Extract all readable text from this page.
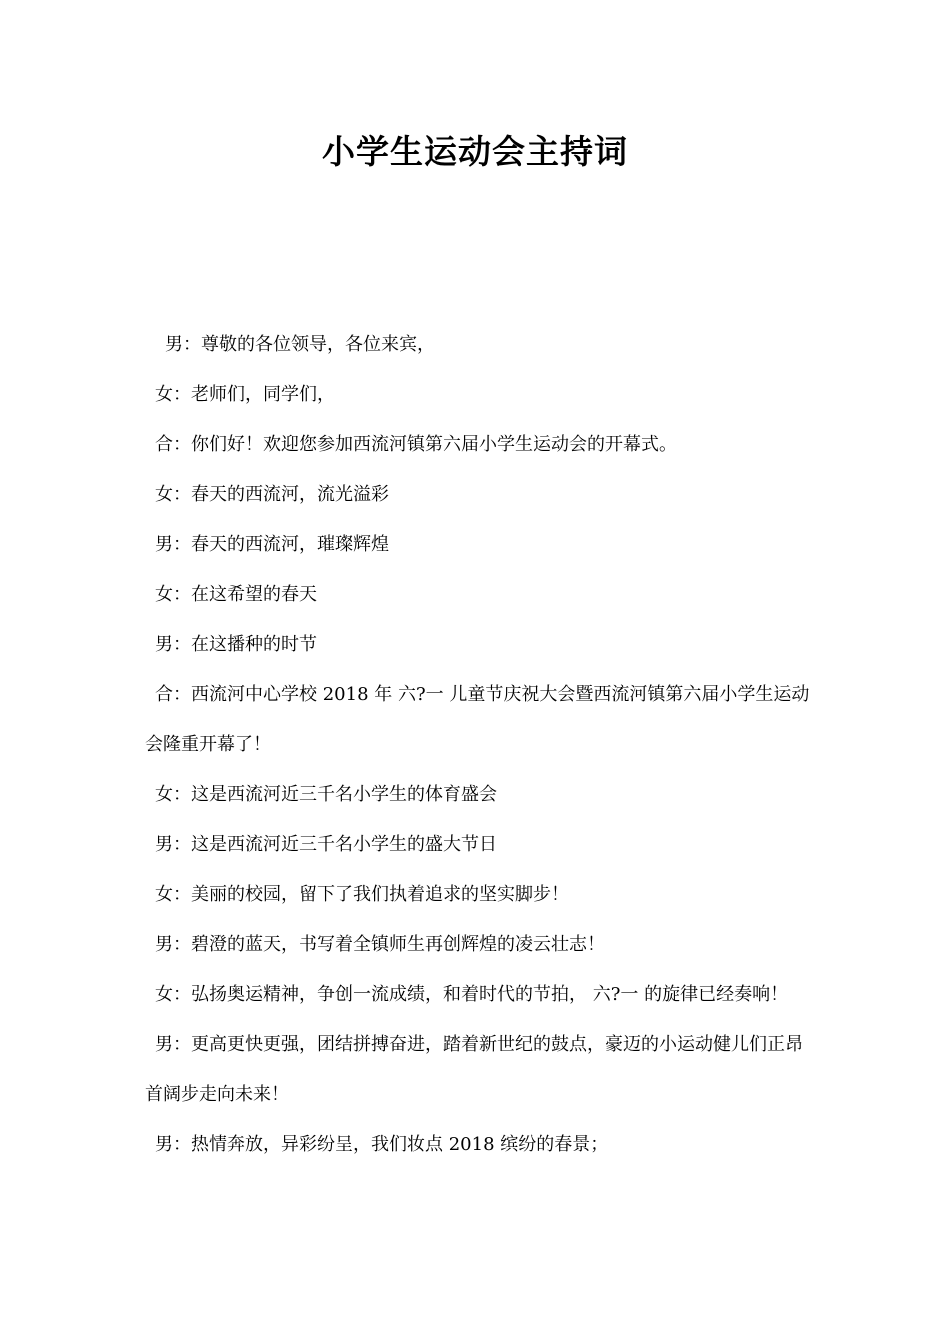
小学生运动会主持词

男：尊敬的各位领导，各位来宾，

女：老师们，同学们，

合：你们好！欢迎您参加西流河镇第六届小学生运动会的开幕式。

女：春天的西流河，流光溢彩

男：春天的西流河，璀璨辉煌

女：在这希望的春天

男：在这播种的时节

合：西流河中心学校 2018 年 六?一 儿童节庆祝大会暨西流河镇第六届小学生运动会隆重开幕了！

女：这是西流河近三千名小学生的体育盛会

男：这是西流河近三千名小学生的盛大节日

女：美丽的校园，留下了我们执着追求的坚实脚步！

男：碧澄的蓝天，书写着全镇师生再创辉煌的凌云壮志！

女：弘扬奥运精神，争创一流成绩，和着时代的节拍， 六?一 的旋律已经奏响！

男：更高更快更强，团结拼搏奋进，踏着新世纪的鼓点，豪迈的小运动健儿们正昂首阔步走向未来！

男：热情奔放，异彩纷呈，我们妆点 2018 缤纷的春景；
